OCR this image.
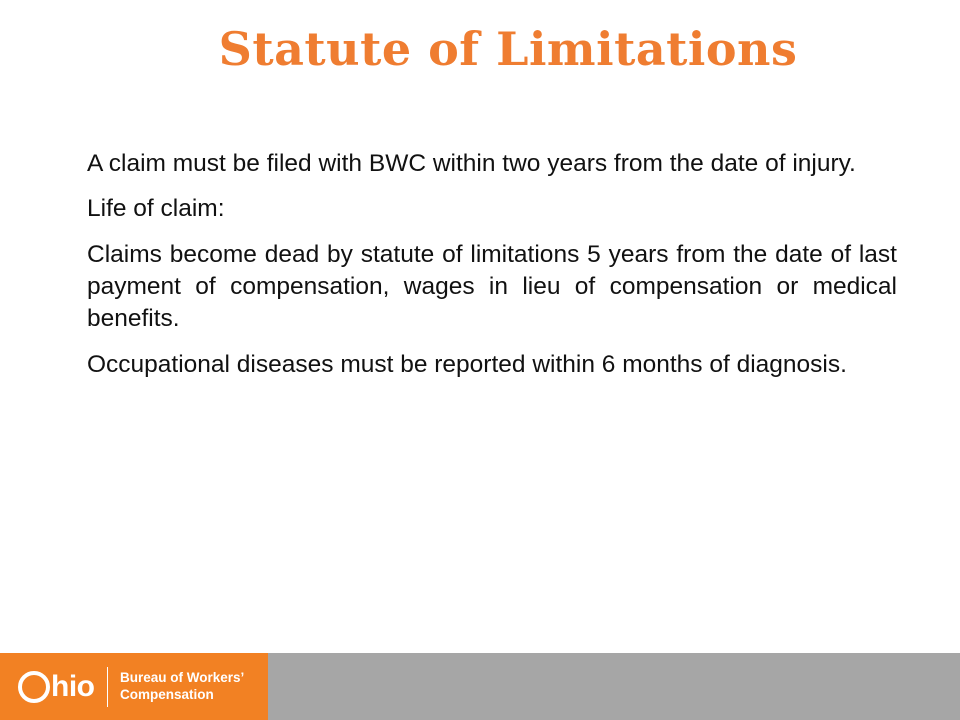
Statute of Limitations

A claim must be filed with BWC within two years from the date of injury.

Life of claim:

Claims become dead by statute of limitations 5 years from the date of last payment of compensation, wages in lieu of compensation or medical benefits.

Occupational diseases must be reported within 6 months of diagnosis.

hio Bureau of Workers’
Compensation
